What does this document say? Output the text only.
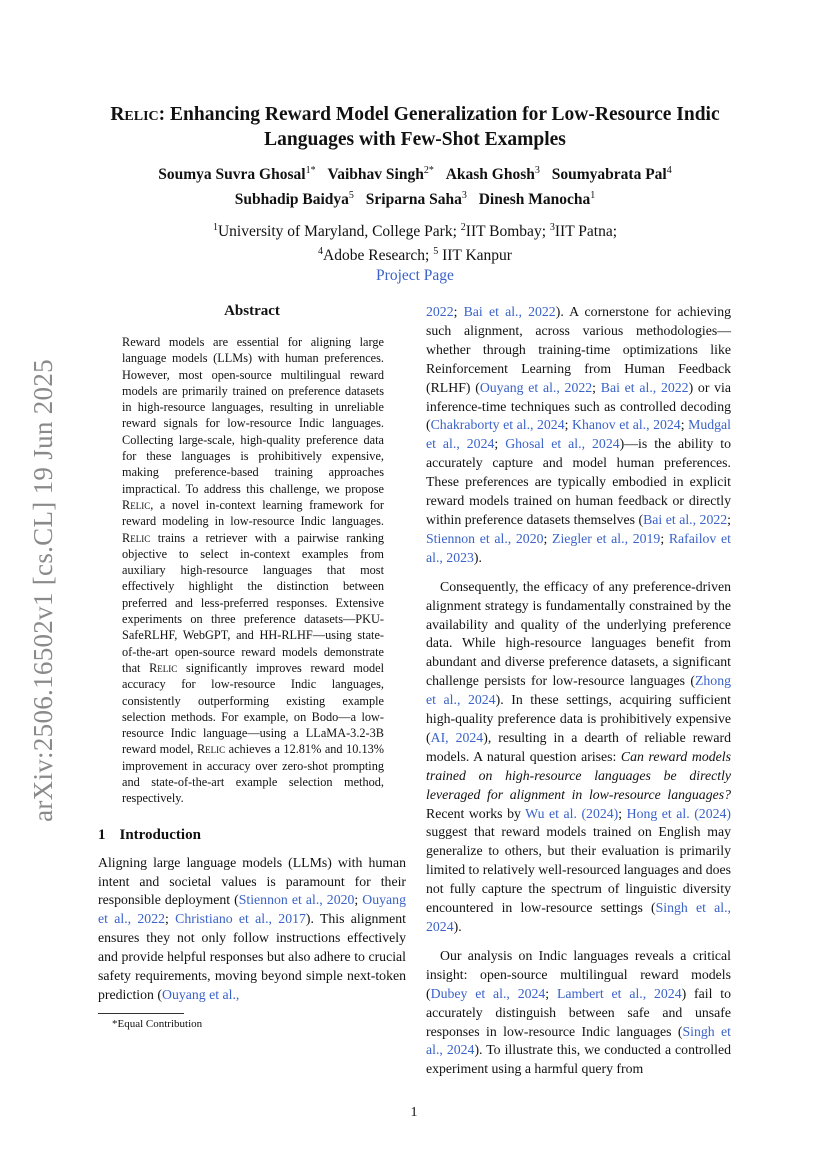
arXiv:2506.16502v1 [cs.CL] 19 Jun 2025
Relic: Enhancing Reward Model Generalization for Low-Resource Indic
Languages with Few-Shot Examples
Soumya Suvra Ghosal$^{1*}$ Vaibhav Singh$^{2*}$ Akash Ghosh$^3$ Soumyabrata Pal$^4$
Subhadip Baidya$^5$ Sriparna Saha$^3$ Dinesh Manocha$^1$
$^1$University of Maryland, College Park; $^2$IIT Bombay; $^3$IIT Patna;
$^4$Adobe Research; $^5$ IIT Kanpur
Project Page
Abstract
Reward models are essential for aligning large language models (LLMs) with human preferences. However, most open-source multilingual reward models are primarily trained on preference datasets in high-resource languages, resulting in unreliable reward signals for low-resource Indic languages. Collecting large-scale, high-quality preference data for these languages is prohibitively expensive, making preference-based training approaches impractical. To address this challenge, we propose Relic, a novel in-context learning framework for reward modeling in low-resource Indic languages. Relic trains a retriever with a pairwise ranking objective to select in-context examples from auxiliary high-resource languages that most effectively highlight the distinction between preferred and less-preferred responses. Extensive experiments on three preference datasets—PKU-SafeRLHF, WebGPT, and HH-RLHF—using state-of-the-art open-source reward models demonstrate that Relic significantly improves reward model accuracy for low-resource Indic languages, consistently outperforming existing example selection methods. For example, on Bodo—a low-resource Indic language—using a LLaMA-3.2-3B reward model, Relic achieves a 12.81% and 10.13% improvement in accuracy over zero-shot prompting and state-of-the-art example selection method, respectively.
1 Introduction

Aligning large language models (LLMs) with human intent and societal values is paramount for their responsible deployment (Stiennon et al., 2020; Ouyang et al., 2022; Christiano et al., 2017). This alignment ensures they not only follow instructions effectively and provide helpful responses but also adhere to crucial safety requirements, moving beyond simple next-token prediction (Ouyang et al.,

*Equal Contribution

2022; Bai et al., 2022). A cornerstone for achieving such alignment, across various methodologies—whether through training-time optimizations like Reinforcement Learning from Human Feedback (RLHF) (Ouyang et al., 2022; Bai et al., 2022) or via inference-time techniques such as controlled decoding (Chakraborty et al., 2024; Khanov et al., 2024; Mudgal et al., 2024; Ghosal et al., 2024)—is the ability to accurately capture and model human preferences. These preferences are typically embodied in explicit reward models trained on human feedback or directly within preference datasets themselves (Bai et al., 2022; Stiennon et al., 2020; Ziegler et al., 2019; Rafailov et al., 2023).

Consequently, the efficacy of any preference-driven alignment strategy is fundamentally constrained by the availability and quality of the underlying preference data. While high-resource languages benefit from abundant and diverse preference datasets, a significant challenge persists for low-resource languages (Zhong et al., 2024). In these settings, acquiring sufficient high-quality preference data is prohibitively expensive (AI, 2024), resulting in a dearth of reliable reward models. A natural question arises: Can reward models trained on high-resource languages be directly leveraged for alignment in low-resource languages? Recent works by Wu et al. (2024); Hong et al. (2024) suggest that reward models trained on English may generalize to others, but their evaluation is primarily limited to relatively well-resourced languages and does not fully capture the spectrum of linguistic diversity encountered in low-resource settings (Singh et al., 2024).

Our analysis on Indic languages reveals a critical insight: open-source multilingual reward models (Dubey et al., 2024; Lambert et al., 2024) fail to accurately distinguish between safe and unsafe responses in low-resource Indic languages (Singh et al., 2024). To illustrate this, we conducted a controlled experiment using a harmful query from

1
